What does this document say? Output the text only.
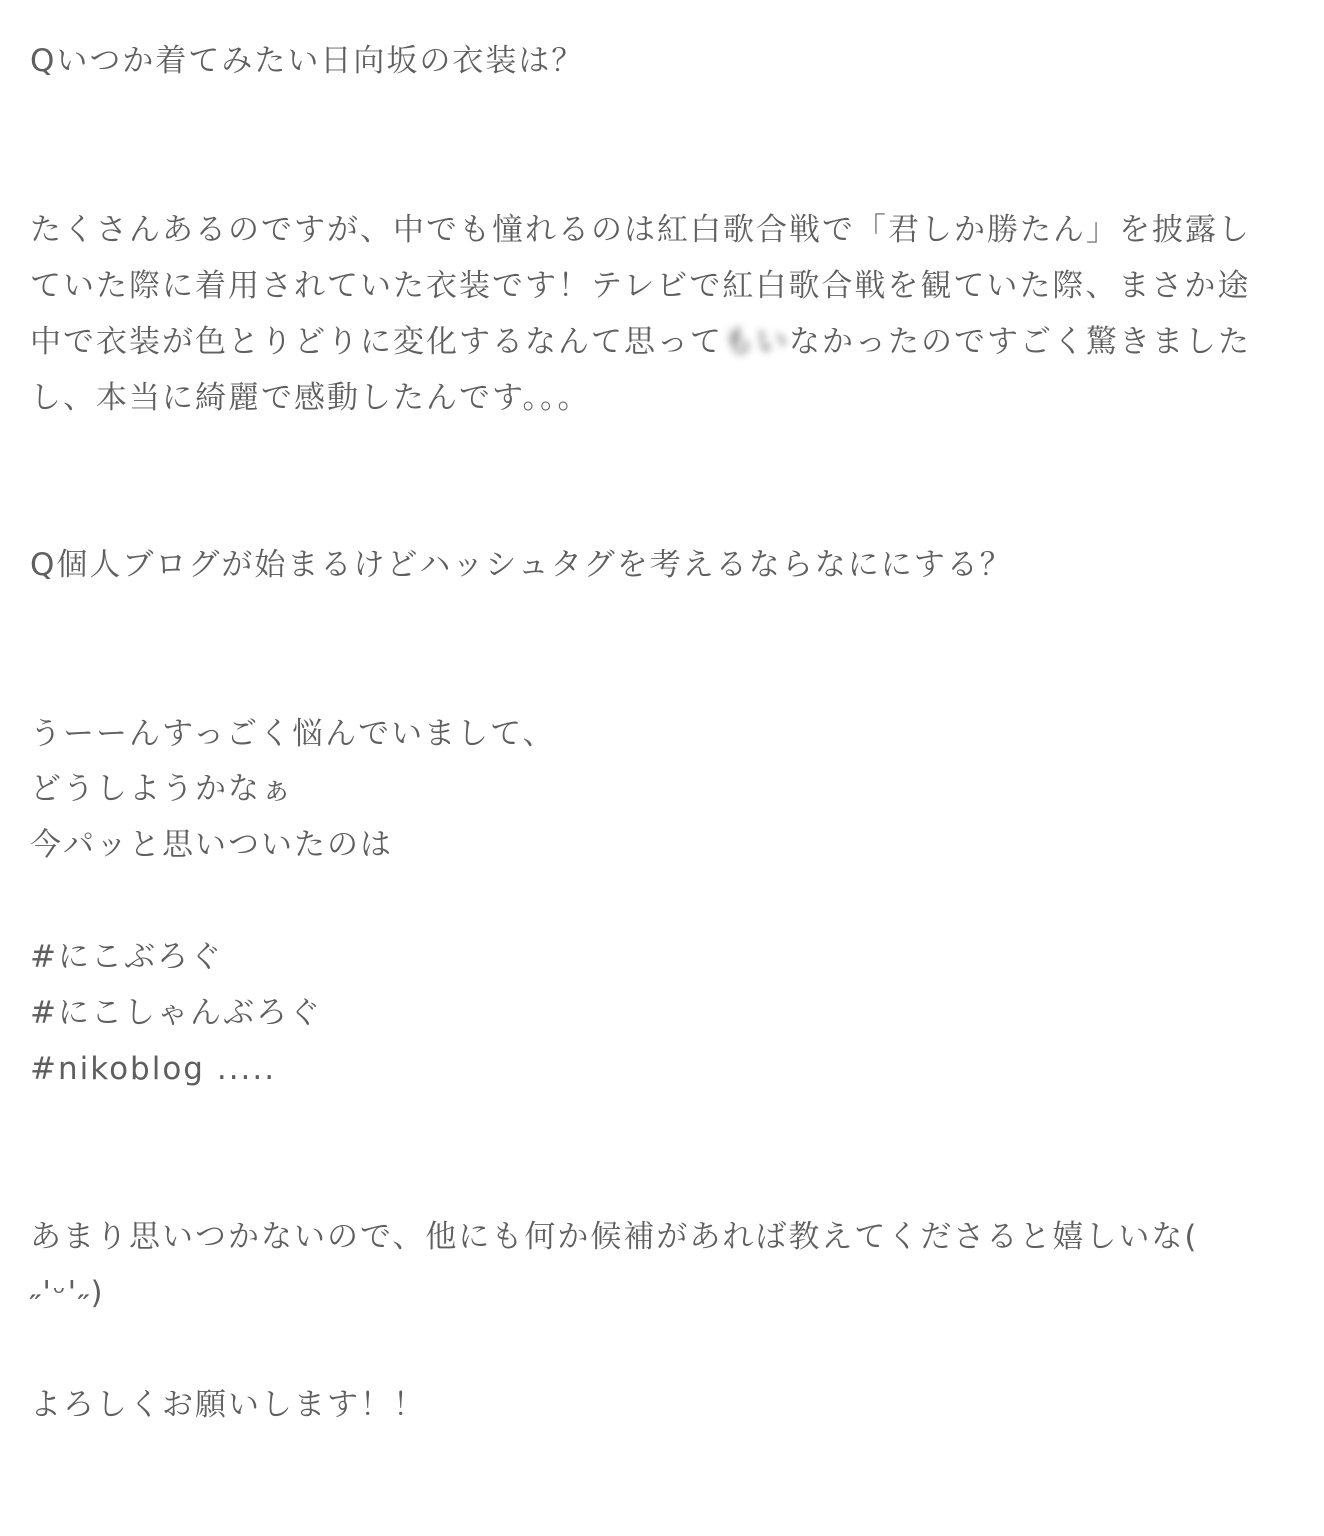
Qいつか着てみたい日向坂の衣装は？
たくさんあるのですが、中でも憧れるのは紅白歌合戦で「君しか勝たん」を披露していた際に着用されていた衣装です！テレビで紅白歌合戦を観ていた際、まさか途中で衣装が色とりどりに変化するなんて思ってもいなかったのですごく驚きましたし、本当に綺麗で感動したんです。。。
Q個人ブログが始まるけどハッシュタグを考えるならなににする？
うーーんすっごく悩んでいまして、
どうしようかなぁ
今パッと思いついたのは
#にこぶろぐ
#にこしゃんぶろぐ
#nikoblog .....
あまり思いつかないので、他にも何か候補があれば教えてくださると嬉しいな(
˶'ᵕ'˶)
よろしくお願いします！！
